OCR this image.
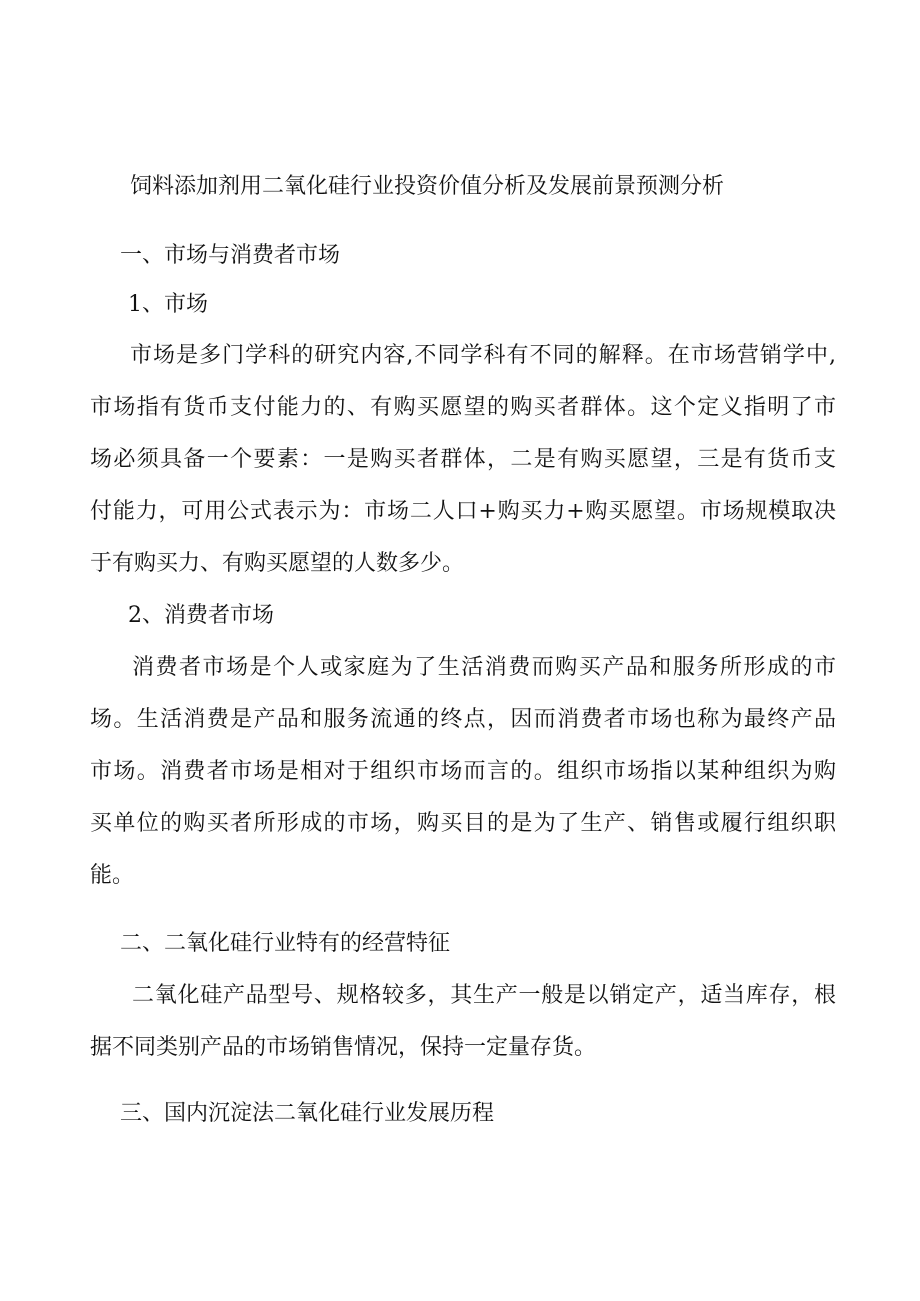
饲料添加剂用二氧化硅行业投资价值分析及发展前景预测分析
一、市场与消费者市场
1、市场
市场是多门学科的研究内容,不同学科有不同的解释。在市场营销学中,
市场指有货币支付能力的、有购买愿望的购买者群体。这个定义指明了市
场必须具备一个要素：一是购买者群体，二是有购买愿望，三是有货币支
付能力，可用公式表示为：市场二人口+购买力+购买愿望。市场规模取决
于有购买力、有购买愿望的人数多少。
2、消费者市场
消费者市场是个人或家庭为了生活消费而购买产品和服务所形成的市
场。生活消费是产品和服务流通的终点，因而消费者市场也称为最终产品
市场。消费者市场是相对于组织市场而言的。组织市场指以某种组织为购
买单位的购买者所形成的市场，购买目的是为了生产、销售或履行组织职
能。
二、二氧化硅行业特有的经营特征
二氧化硅产品型号、规格较多，其生产一般是以销定产，适当库存，根
据不同类别产品的市场销售情况，保持一定量存货。
三、国内沉淀法二氧化硅行业发展历程
